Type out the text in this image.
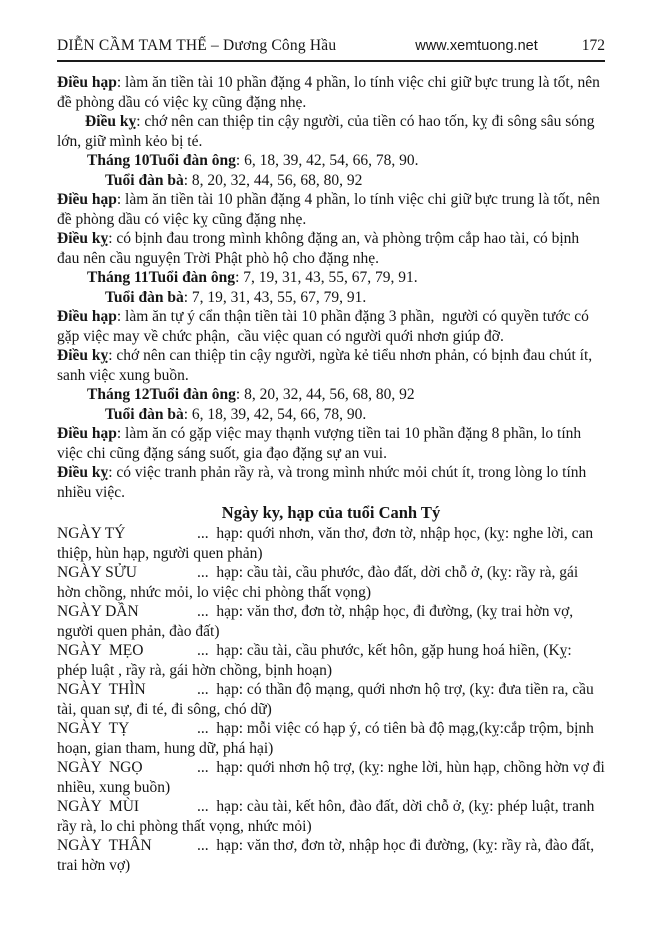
DIỄN CẦM TAM THẾ – Dương Công Hầu	www.xemtuong.net	172

Điều hạp: làm ăn tiền tài 10 phần đặng 4 phần, lo tính việc chi giữ bực trung là tốt, nên đề phòng dầu có việc kỵ cũng đặng nhẹ.

Điều kỵ: chớ nên can thiệp tin cậy người, của tiền có hao tốn, kỵ đi sông sâu sóng lớn, giữ mình kẻo bị té.

Tháng 10Tuổi đàn ông: 6, 18, 39, 42, 54, 66, 78, 90.

Tuổi đàn bà: 8, 20, 32, 44, 56, 68, 80, 92

Điều hạp: làm ăn tiền tài 10 phần đặng 4 phần, lo tính việc chi giữ bực trung là tốt, nên đề phòng dầu có việc kỵ cũng đặng nhẹ.

Điều kỵ: có bịnh đau trong mình không đặng an, và phòng trộm cắp hao tài, có bịnh đau nên cầu nguyện Trời Phật phò hộ cho đặng nhẹ.

Tháng 11Tuổi đàn ông: 7, 19, 31, 43, 55, 67, 79, 91.

Tuổi đàn bà: 7, 19, 31, 43, 55, 67, 79, 91.

Điều hạp: làm ăn tự ý cẩn thận tiền tài 10 phần đặng 3 phần,  người có quyền tước có gặp việc may về chức phận,  cầu việc quan có người quới nhơn giúp đỡ.

Điều kỵ: chớ nên can thiệp tin cậy người, ngừa kẻ tiểu nhơn phản, có bịnh đau chút ít, sanh việc xung buồn.

Tháng 12Tuổi đàn ông: 8, 20, 32, 44, 56, 68, 80, 92

Tuổi đàn bà: 6, 18, 39, 42, 54, 66, 78, 90.

Điều hạp: làm ăn có gặp việc may thạnh vượng tiền tai 10 phần đặng 8 phần, lo tính việc chi cũng đặng sáng suốt, gia đạo đặng sự an vui.

Điều kỵ: có việc tranh phản rầy rà, và trong mình nhức mỏi chút ít, trong lòng lo tính nhiều việc.

Ngày ky, hạp của tuổi Canh Tý

NGÀY TÝ	...  hạp: quới nhơn, văn thơ, đơn tờ, nhập học, (kỵ: nghe lời, can thiệp, hùn hạp, người quen phản)

NGÀY SỬU	...  hạp: cầu tài, cầu phước, đào đất, dời chỗ ở, (kỵ: rầy rà, gái hờn chồng, nhức mỏi, lo việc chi phòng thất vọng)

NGÀY DẦN	...  hạp: văn thơ, đơn tờ, nhập học, đi đường, (kỵ trai hờn vợ, người quen phản, đào đất)

NGÀY  MẸO	...  hạp: cầu tài, cầu phước, kết hôn, gặp hung hoá hiền, (Kỵ: phép luật , rầy rà, gái hờn chồng, bịnh hoạn)

NGÀY  THÌN	...  hạp: có thần độ mạng, quới nhơn hộ trợ, (kỵ: đưa tiền ra, cầu tài, quan sự, đi té, đi sông, chó dữ)

NGÀY  TỴ	...  hạp: mỗi việc có hạp ý, có tiên bà độ mạg,(kỵ:cắp trộm, bịnh hoạn, gian tham, hung dữ, phá hại)

NGÀY  NGỌ	...  hạp: quới nhơn hộ trợ, (kỵ: nghe lời, hùn hạp, chồng hờn vợ đi nhiều, xung buồn)

NGÀY  MÙI	...  hạp: càu tài, kết hôn, đào đất, dời chỗ ở, (kỵ: phép luật, tranh rầy rà, lo chi phòng thất vọng, nhức mỏi)

NGÀY  THÂN	...  hạp: văn thơ, đơn tờ, nhập học đi đường, (kỵ: rầy rà, đào đất, trai hờn vợ)
